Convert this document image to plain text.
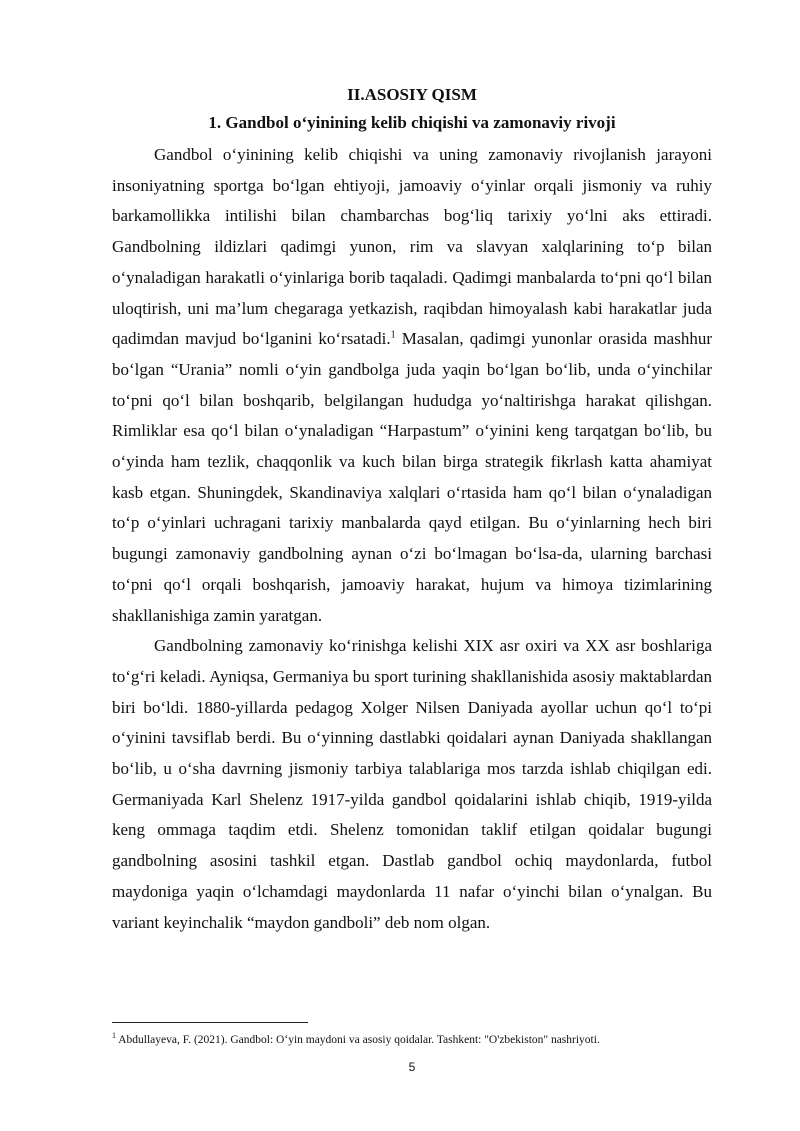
II.ASOSIY QISM
1. Gandbol o‘yinining kelib chiqishi va zamonaviy rivoji

Gandbol o‘yinining kelib chiqishi va uning zamonaviy rivojlanish jarayoni insoniyatning sportga bo‘lgan ehtiyoji, jamoaviy o‘yinlar orqali jismoniy va ruhiy barkamollikka intilishi bilan chambarchas bog‘liq tarixiy yo‘lni aks ettiradi. Gandbolning ildizlari qadimgi yunon, rim va slavyan xalqlarining to‘p bilan o‘ynaladigan harakatli o‘yinlariga borib taqaladi. Qadimgi manbalarda to‘pni qo‘l bilan uloqtirish, uni ma’lum chegaraga yetkazish, raqibdan himoyalash kabi harakatlar juda qadimdan mavjud bo‘lganini ko‘rsatadi.$^1$ Masalan, qadimgi yunonlar orasida mashhur bo‘lgan “Urania” nomli o‘yin gandbolga juda yaqin bo‘lgan bo‘lib, unda o‘yinchilar to‘pni qo‘l bilan boshqarib, belgilangan hududga yo‘naltirishga harakat qilishgan. Rimliklar esa qo‘l bilan o‘ynaladigan “Harpastum” o‘yinini keng tarqatgan bo‘lib, bu o‘yinda ham tezlik, chaqqonlik va kuch bilan birga strategik fikrlash katta ahamiyat kasb etgan. Shuningdek, Skandinaviya xalqlari o‘rtasida ham qo‘l bilan o‘ynaladigan to‘p o‘yinlari uchragani tarixiy manbalarda qayd etilgan. Bu o‘yinlarning hech biri bugungi zamonaviy gandbolning aynan o‘zi bo‘lmagan bo‘lsa-da, ularning barchasi to‘pni qo‘l orqali boshqarish, jamoaviy harakat, hujum va himoya tizimlarining shakllanishiga zamin yaratgan.

Gandbolning zamonaviy ko‘rinishga kelishi XIX asr oxiri va XX asr boshlariga to‘g‘ri keladi. Ayniqsa, Germaniya bu sport turining shakllanishida asosiy maktablardan biri bo‘ldi. 1880-yillarda pedagog Xolger Nilsen Daniyada ayollar uchun qo‘l to‘pi o‘yinini tavsiflab berdi. Bu o‘yinning dastlabki qoidalari aynan Daniyada shakllangan bo‘lib, u o‘sha davrning jismoniy tarbiya talablariga mos tarzda ishlab chiqilgan edi. Germaniyada Karl Shelenz 1917-yilda gandbol qoidalarini ishlab chiqib, 1919-yilda keng ommaga taqdim etdi. Shelenz tomonidan taklif etilgan qoidalar bugungi gandbolning asosini tashkil etgan. Dastlab gandbol ochiq maydonlarda, futbol maydoniga yaqin o‘lchamdagi maydonlarda 11 nafar o‘yinchi bilan o‘ynalgan. Bu variant keyinchalik “maydon gandboli” deb nom olgan.

$^1$ Abdullayeva, F. (2021). Gandbol: O‘yin maydoni va asosiy qoidalar. Tashkent: "O'zbekiston" nashriyoti.
5
